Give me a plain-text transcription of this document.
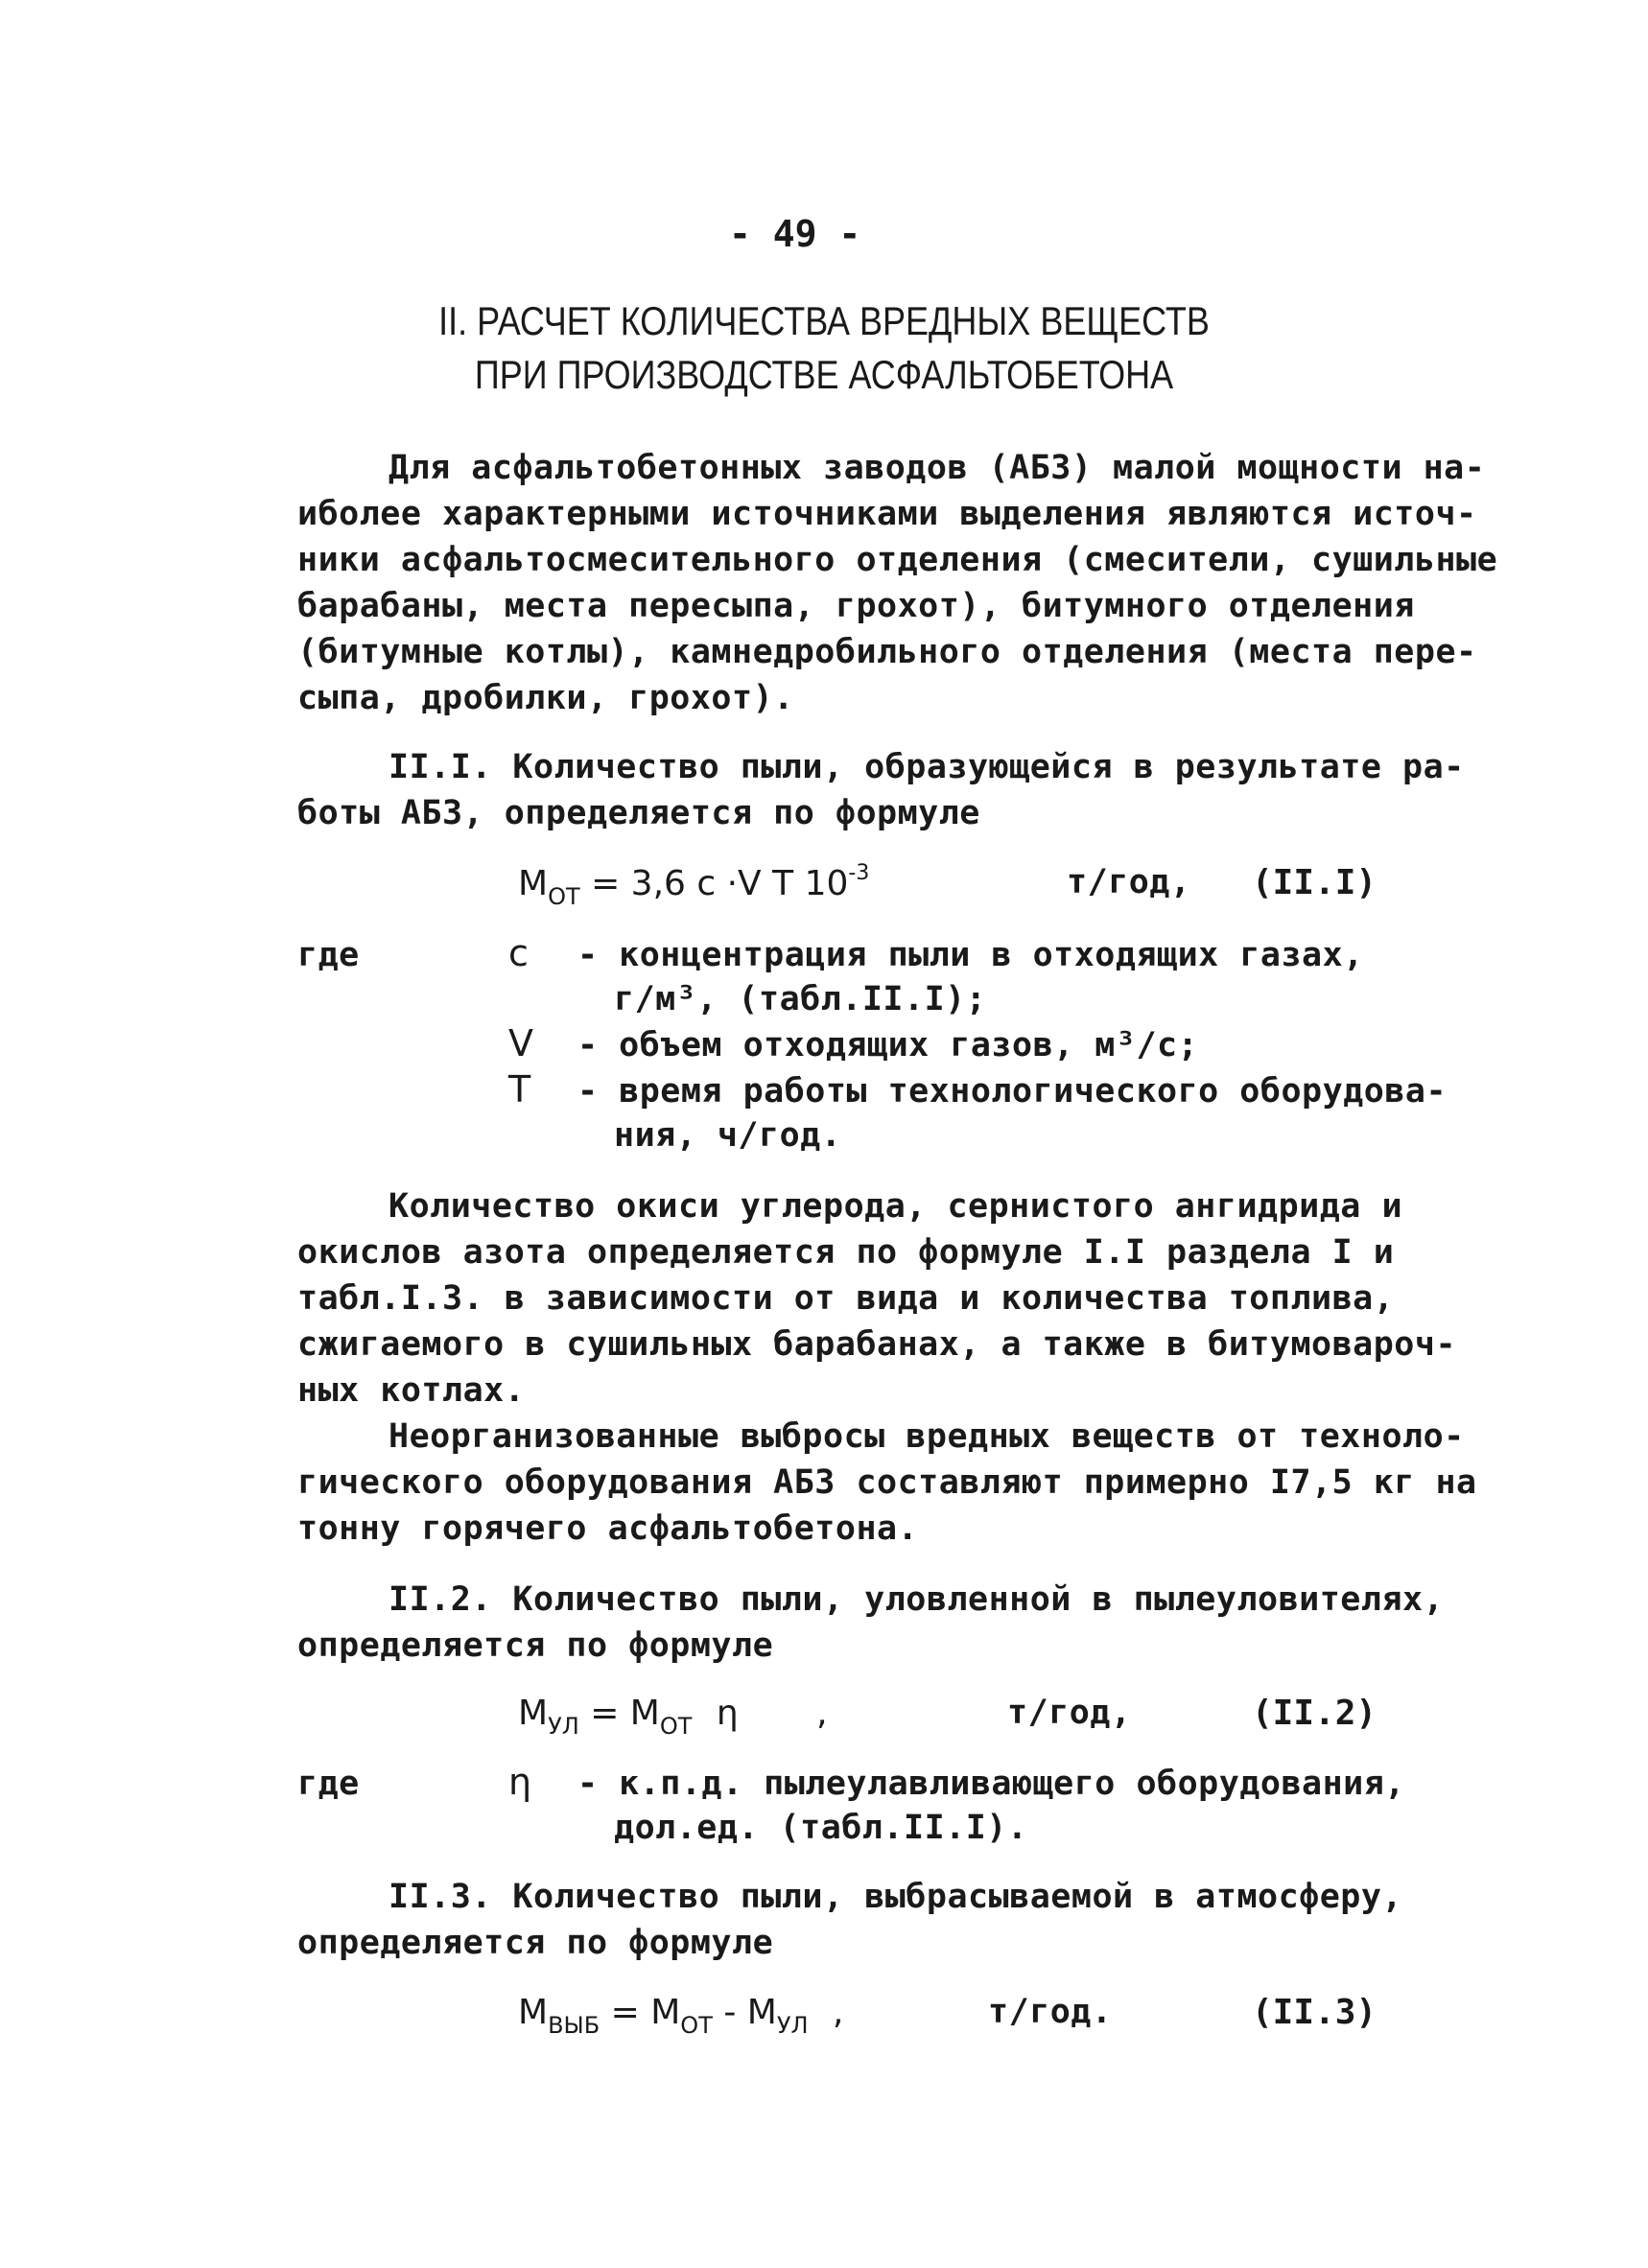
- 49 -
II. РАСЧЕТ КОЛИЧЕСТВА ВРЕДНЫХ ВЕЩЕСТВ
ПРИ ПРОИЗВОДСТВЕ АСФАЛЬТОБЕТОНА
Для асфальтобетонных заводов (АБЗ) малой мощности на-
иболее характерными источниками выделения являются источ-
ники асфальтосмесительного отделения (смесители, сушильные
барабаны, места пересыпа, грохот), битумного отделения
(битумные котлы), камнедробильного отделения (места пере-
сыпа, дробилки, грохот).
II.I. Количество пыли, образующейся в результате ра-
боты АБЗ, определяется по формуле
$M_{ОТ} = 3,6$ c ·V T $10^{-3}$	т/год, (II.I)
где	c - концентрация пыли в отходящих газах,
г/м³, (табл.II.I);
V - объем отходящих газов, м³/с;
T - время работы технологического оборудова-
ния, ч/год.
Количество окиси углерода, сернистого ангидрида и
окислов азота определяется по формуле I.I раздела I и
табл.I.3. в зависимости от вида и количества топлива,
сжигаемого в сушильных барабанах, а также в битумовароч-
ных котлах.
Неорганизованные выбросы вредных веществ от техноло-
гического оборудования АБЗ составляют примерно I7,5 кг на
тонну горячего асфальтобетона.
II.2. Количество пыли, уловленной в пылеуловителях,
определяется по формуле
$M_{УЛ} = M_{ОТ}$ η ,	т/год,	(II.2)
где	η - к.п.д. пылеулавливающего оборудования,
дол.ед. (табл.II.I).
II.3. Количество пыли, выбрасываемой в атмосферу,
определяется по формуле
$M_{ВЫБ} = M_{ОТ} - M_{УЛ}$ ,	т/год.	(II.3)
